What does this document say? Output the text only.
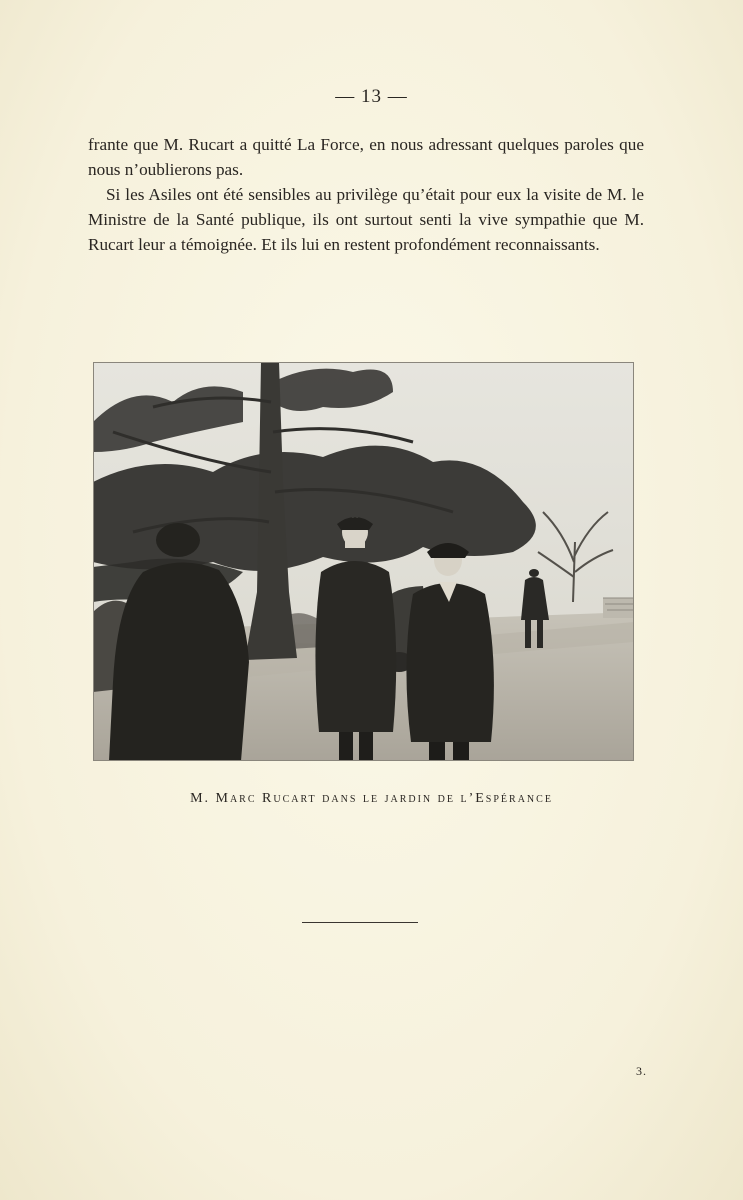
— 13 —

frante que M. Rucart a quitté La Force, en nous adressant quelques paroles que nous n’oublierons pas.

Si les Asiles ont été sensibles au privilège qu’était pour eux la visite de M. le Ministre de la Santé publique, ils ont surtout senti la vive sympathie que M. Rucart leur a témoignée. Et ils lui en restent profondément reconnaissants.

M. Marc Rucart dans le jardin de l’Espérance
3.
